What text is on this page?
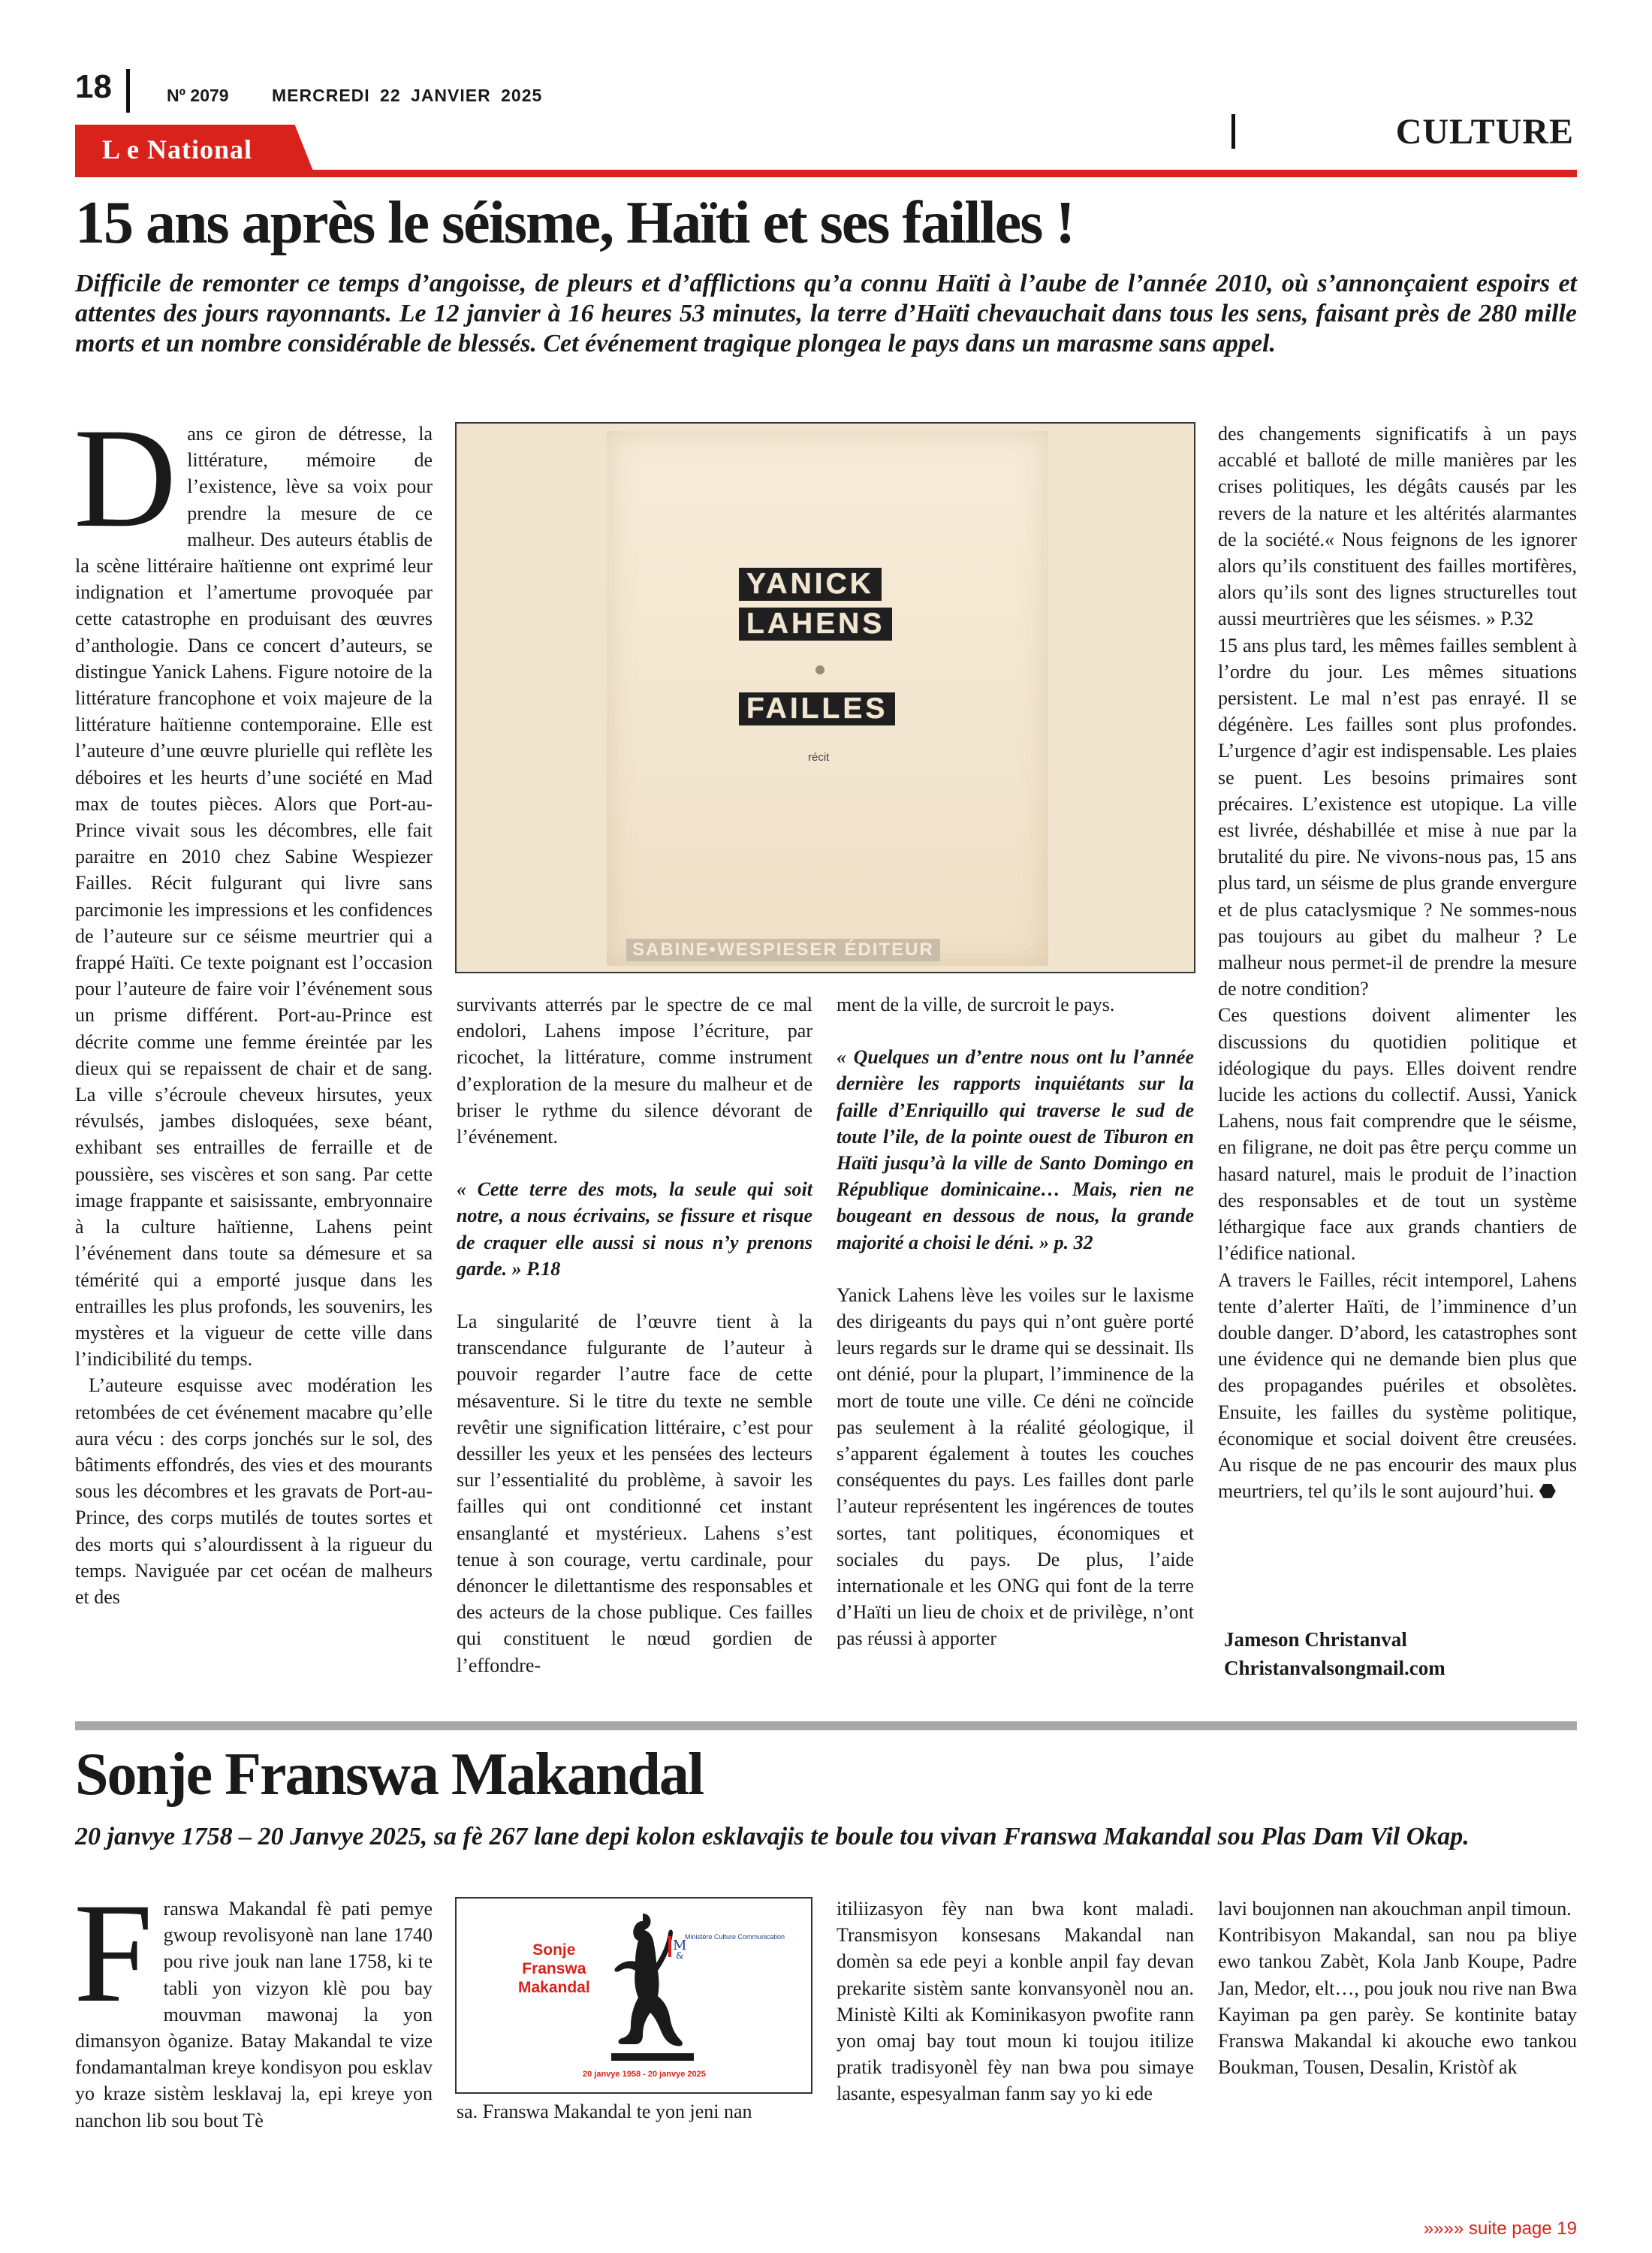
18	Nº 2079 MERCREDI 22 JANVIER 2025
CULTURE
L e National
15 ans après le séisme, Haïti et ses failles !
Difficile de remonter ce temps d’angoisse, de pleurs et d’afflictions qu’a connu Haïti à l’aube de l’année 2010, où s’annonçaient espoirs et attentes des jours rayonnants. Le 12 janvier à 16 heures 53 minutes, la terre d’Haïti chevauchait dans tous les sens, faisant près de 280 mille morts et un nombre considérable de blessés. Cet événement tragique plongea le pays dans un marasme sans appel.
D ans ce giron de détresse, la littérature, mémoire de l’existence, lève sa voix pour prendre la mesure de ce malheur. Des auteurs établis de la scène littéraire haïtienne ont exprimé leur indignation et l’amertume provoquée par cette catastrophe en produisant des œuvres d’anthologie. Dans ce concert d’auteurs, se distingue Yanick Lahens. Figure notoire de la littérature francophone et voix majeure de la littérature haïtienne contemporaine. Elle est l’auteure d’une œuvre plurielle qui reflète les déboires et les heurts d’une société en Mad max de toutes pièces. Alors que Port-au-Prince vivait sous les décombres, elle fait paraitre en 2010 chez Sabine Wespiezer Failles. Récit fulgurant qui livre sans parcimonie les impressions et les confidences de l’auteure sur ce séisme meurtrier qui a frappé Haïti. Ce texte poignant est l’occasion pour l’auteure de faire voir l’événement sous un prisme différent. Port-au-Prince est décrite comme une femme éreintée par les dieux qui se repaissent de chair et de sang. La ville s’écroule cheveux hirsutes, yeux révulsés, jambes disloquées, sexe béant, exhibant ses entrailles de ferraille et de poussière, ses viscères et son sang. Par cette image frappante et saisissante, embryonnaire à la culture haïtienne, Lahens peint l’événement dans toute sa démesure et sa témérité qui a emporté jusque dans les entrailles les plus profonds, les souvenirs, les mystères et la vigueur de cette ville dans l’indicibilité du temps.

L’auteure esquisse avec modération les retombées de cet événement macabre qu’elle aura vécu : des corps jonchés sur le sol, des bâtiments effondrés, des vies et des mourants sous les décombres et les gravats de Port-au-Prince, des corps mutilés de toutes sortes et des morts qui s’alourdissent à la rigueur du temps. Naviguée par cet océan de malheurs et des

YANICK
LAHENS
FAILLES
récit
SABINE•WESPIESER ÉDITEUR

survivants atterrés par le spectre de ce mal endolori, Lahens impose l’écriture, par ricochet, la littérature, comme instrument d’exploration de la mesure du malheur et de briser le rythme du silence dévorant de l’événement.

« Cette terre des mots, la seule qui soit notre, a nous écrivains, se fissure et risque de craquer elle aussi si nous n’y prenons garde. » P.18

La singularité de l’œuvre tient à la transcendance fulgurante de l’auteur à pouvoir regarder l’autre face de cette mésaventure. Si le titre du texte ne semble revêtir une signification littéraire, c’est pour dessiller les yeux et les pensées des lecteurs sur l’essentialité du problème, à savoir les failles qui ont conditionné cet instant ensanglanté et mystérieux. Lahens s’est tenue à son courage, vertu cardinale, pour dénoncer le dilettantisme des responsables et des acteurs de la chose publique. Ces failles qui constituent le nœud gordien de l’effondre-

ment de la ville, de surcroit le pays.

« Quelques un d’entre nous ont lu l’année dernière les rapports inquiétants sur la faille d’Enriquillo qui traverse le sud de toute l’ile, de la pointe ouest de Tiburon en Haïti jusqu’à la ville de Santo Domingo en République dominicaine… Mais, rien ne bougeant en dessous de nous, la grande majorité a choisi le déni. » p. 32

Yanick Lahens lève les voiles sur le laxisme des dirigeants du pays qui n’ont guère porté leurs regards sur le drame qui se dessinait. Ils ont dénié, pour la plupart, l’imminence de la mort de toute une ville. Ce déni ne coïncide pas seulement à la réalité géologique, il s’apparent également à toutes les couches conséquentes du pays. Les failles dont parle l’auteur représentent les ingérences de toutes sortes, tant politiques, économiques et sociales du pays. De plus, l’aide internationale et les ONG qui font de la terre d’Haïti un lieu de choix et de privilège, n’ont pas réussi à apporter

des changements significatifs à un pays accablé et balloté de mille manières par les crises politiques, les dégâts causés par les revers de la nature et les altérités alarmantes de la société.« Nous feignons de les ignorer alors qu’ils constituent des failles mortifères, alors qu’ils sont des lignes structurelles tout aussi meurtrières que les séismes. » P.32

15 ans plus tard, les mêmes failles semblent à l’ordre du jour. Les mêmes situations persistent. Le mal n’est pas enrayé. Il se dégénère. Les failles sont plus profondes. L’urgence d’agir est indispensable. Les plaies se puent. Les besoins primaires sont précaires. L’existence est utopique. La ville est livrée, déshabillée et mise à nue par la brutalité du pire. Ne vivons-nous pas, 15 ans plus tard, un séisme de plus grande envergure et de plus cataclysmique ? Ne sommes-nous pas toujours au gibet du malheur ? Le malheur nous permet-il de prendre la mesure de notre condition?

Ces questions doivent alimenter les discussions du quotidien politique et idéologique du pays. Elles doivent rendre lucide les actions du collectif. Aussi, Yanick Lahens, nous fait comprendre que le séisme, en filigrane, ne doit pas être perçu comme un hasard naturel, mais le produit de l’inaction des responsables et de tout un système léthargique face aux grands chantiers de l’édifice national.

A travers le Failles, récit intemporel, Lahens tente d’alerter Haïti, de l’imminence d’un double danger. D’abord, les catastrophes sont une évidence qui ne demande bien plus que des propagandes puériles et obsolètes. Ensuite, les failles du système politique, économique et social doivent être creusées. Au risque de ne pas encourir des maux plus meurtriers, tel qu’ils le sont aujourd’hui. ⬣

Jameson Christanval
Christanvalsongmail.com
Sonje Franswa Makandal
20 janvye 1758 – 20 Janvye 2025, sa fè 267 lane depi kolon esklavajis te boule tou vivan Franswa Makandal sou Plas Dam Vil Okap.
F ranswa Makandal fè pati pemye gwoup revolisyonè nan lane 1740 pou rive jouk nan lane 1758, ki te tabli yon vizyon klè pou bay mouvman mawonaj la yon dimansyon òganize. Batay Makandal te vize fondamantalman kreye kondisyon pou esklav yo kraze sistèm lesklavaj la, epi kreye yon nanchon lib sou bout Tè

Sonje
Franswa
Makandal
M
&
Ministère Culture Communication
20 janvye 1958 - 20 janvye 2025

sa. Franswa Makandal te yon jeni nan

itiliizasyon fèy nan bwa kont maladi. Transmisyon konsesans Makandal nan domèn sa ede peyi a konble anpil fay devan prekarite sistèm sante konvansyonèl nou an. Ministè Kilti ak Kominikasyon pwofite rann yon omaj bay tout moun ki toujou itilize pratik tradisyonèl fèy nan bwa pou simaye lasante, espesyalman fanm say yo ki ede

lavi boujonnen nan akouchman anpil timoun.

Kontribisyon Makandal, san nou pa bliye ewo tankou Zabèt, Kola Janb Koupe, Padre Jan, Medor, elt…, pou jouk nou rive nan Bwa Kayiman pa gen parèy. Se kontinite batay Franswa Makandal ki akouche ewo tankou Boukman, Tousen, Desalin, Kristòf ak

»»»» suite page 19
